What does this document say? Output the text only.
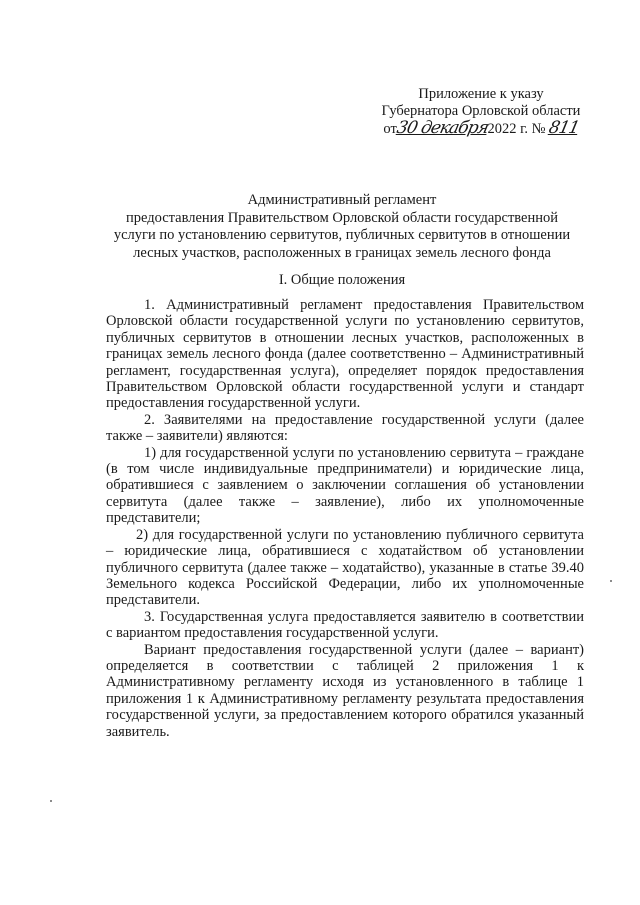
Приложение к указу
Губернатора Орловской области
от30 декабря2022 г. № 811
Административный регламент
предоставления Правительством Орловской области государственной
услуги по установлению сервитутов, публичных сервитутов в отношении
лесных участков, расположенных в границах земель лесного фонда
I. Общие положения

1. Административный регламент предоставления Правительством Орловской области государственной услуги по установлению сервитутов, публичных сервитутов в отношении лесных участков, расположенных в границах земель лесного фонда (далее соответственно – Административный регламент, государственная услуга), определяет порядок предоставления Правительством Орловской области государственной услуги и стандарт предоставления государственной услуги.

2. Заявителями на предоставление государственной услуги (далее также – заявители) являются:

1) для государственной услуги по установлению сервитута – граждане (в том числе индивидуальные предприниматели) и юридические лица, обратившиеся с заявлением о заключении соглашения об установлении сервитута (далее также – заявление), либо их уполномоченные представители;

2) для государственной услуги по установлению публичного сервитута – юридические лица, обратившиеся с ходатайством об установлении публичного сервитута (далее также – ходатайство), указанные в статье 39.40 Земельного кодекса Российской Федерации, либо их уполномоченные представители.

3. Государственная услуга предоставляется заявителю в соответствии с вариантом предоставления государственной услуги.

Вариант предоставления государственной услуги (далее – вариант) определяется в соответствии с таблицей 2 приложения 1 к Административному регламенту исходя из установленного в таблице 1 приложения 1 к Административному регламенту результата предоставления государственной услуги, за предоставлением которого обратился указанный заявитель.
